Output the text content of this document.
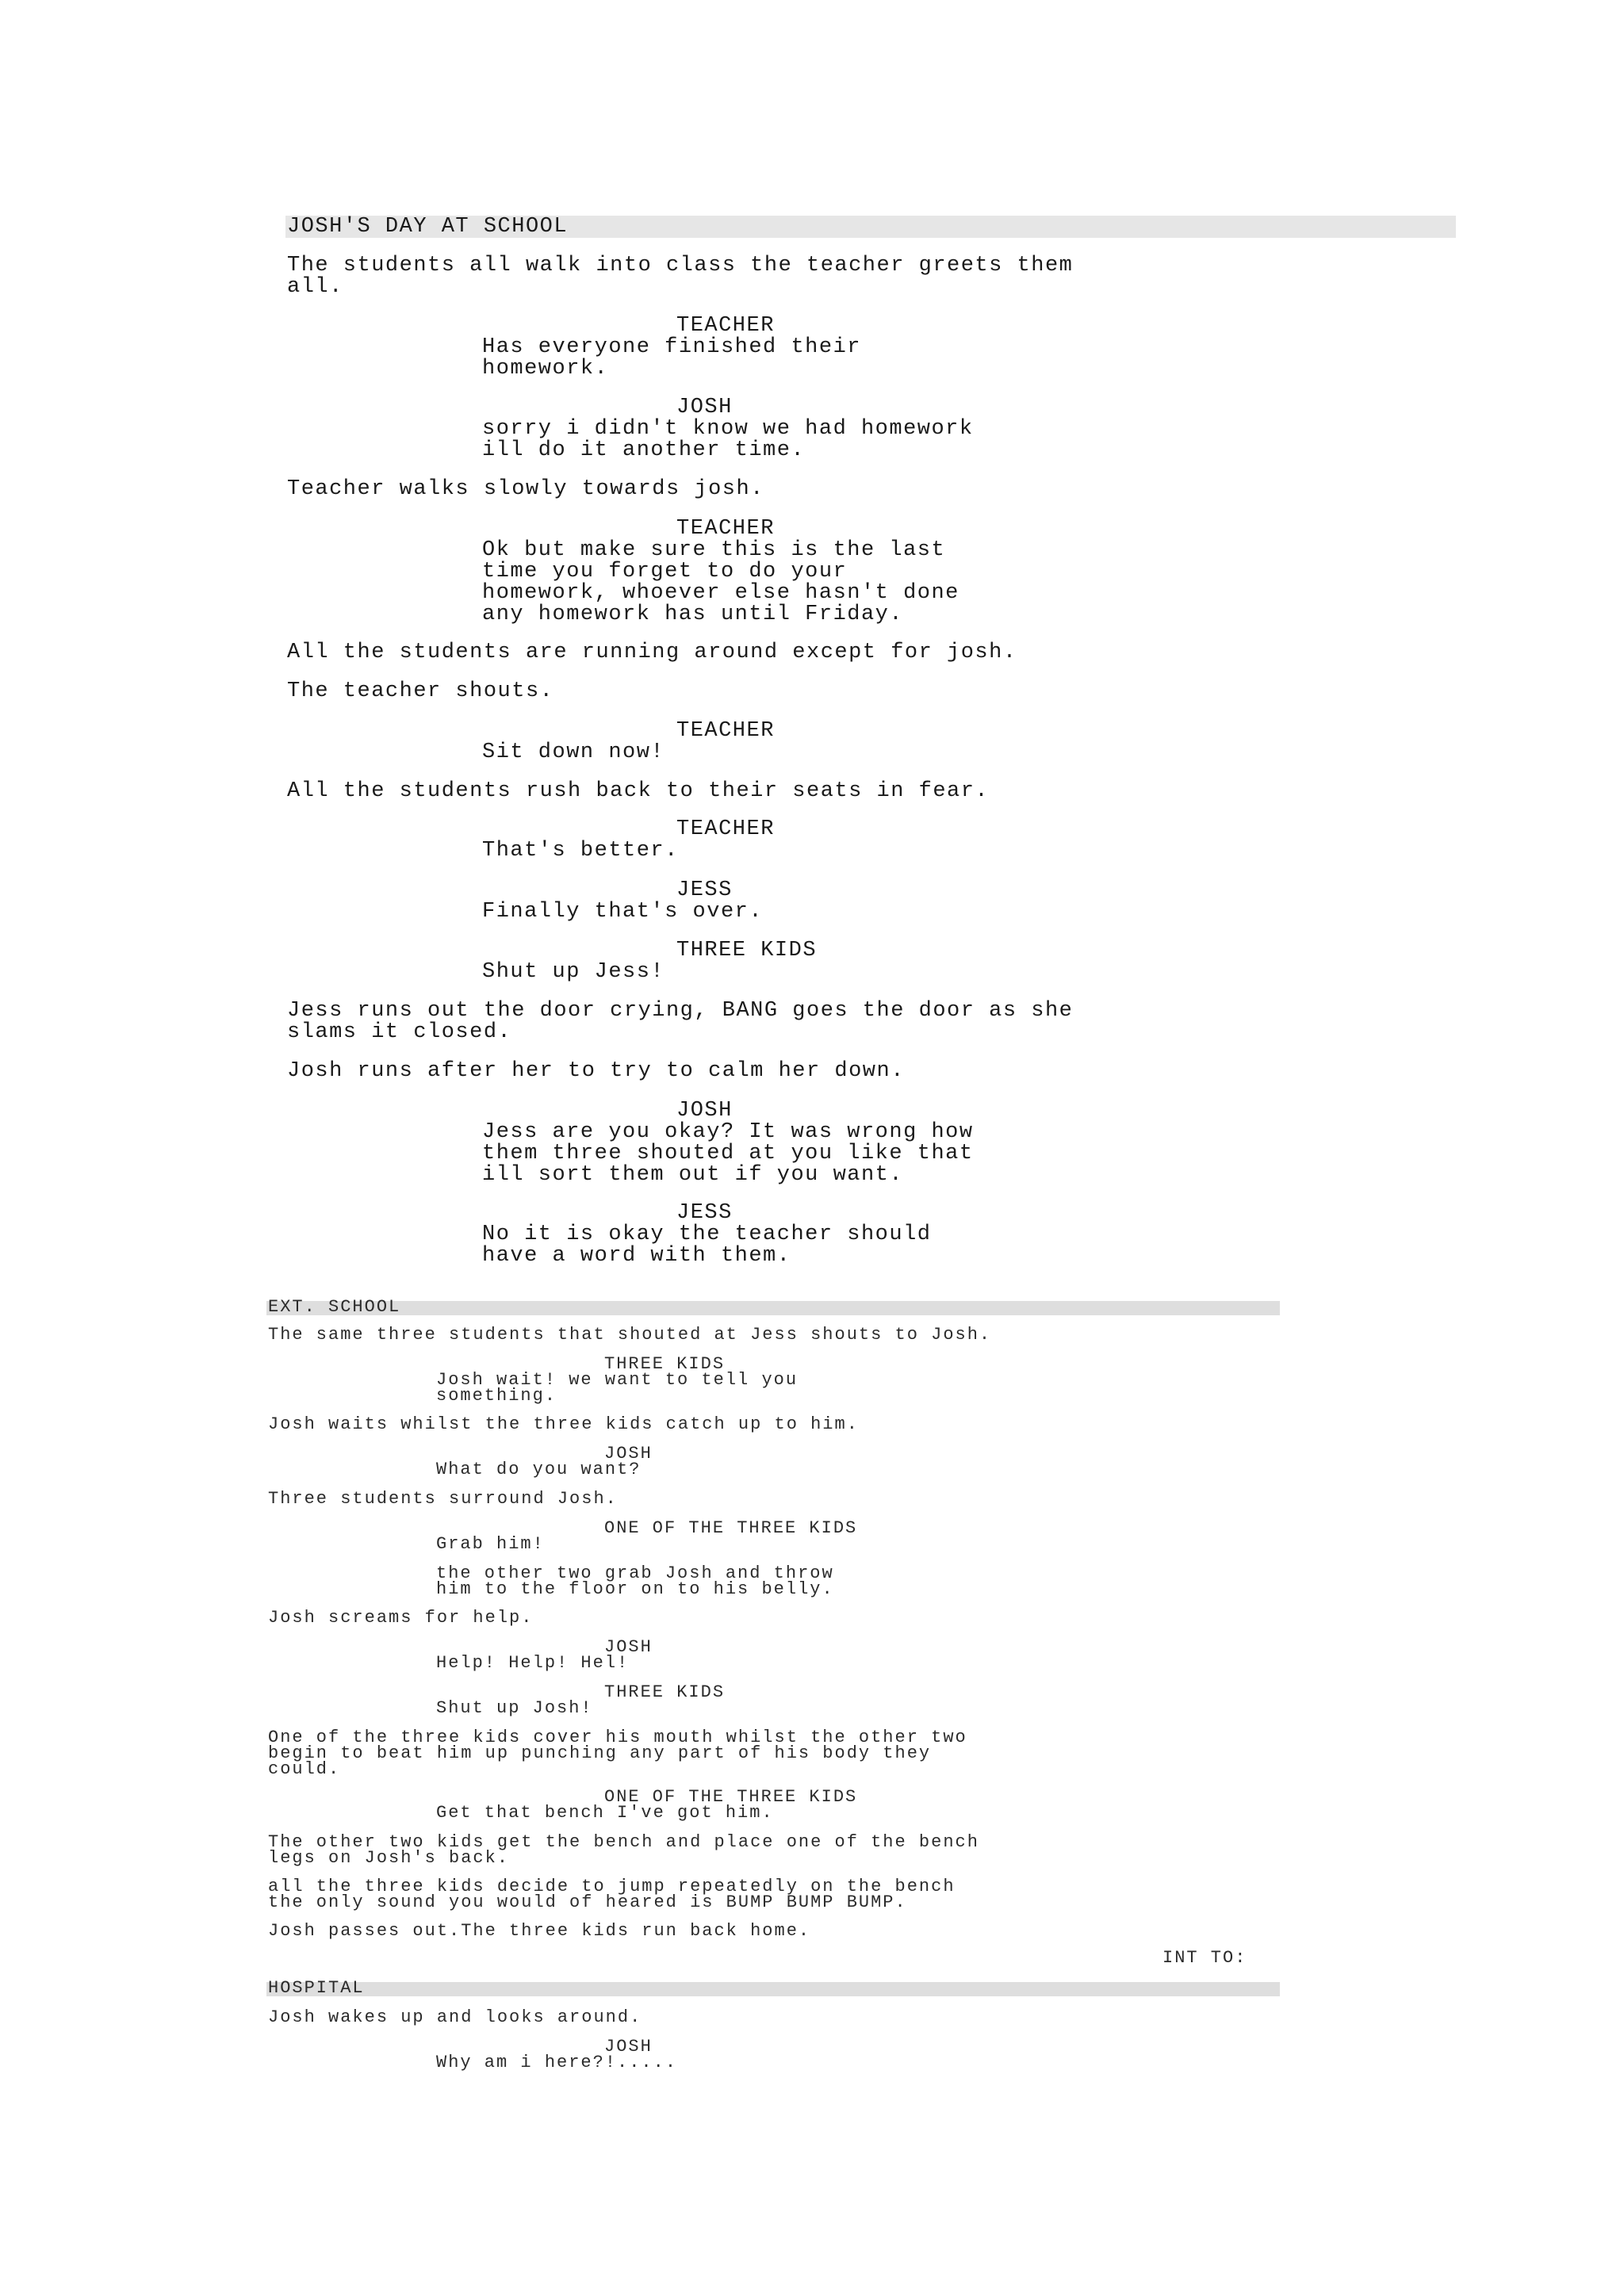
JOSH'S DAY AT SCHOOL
The students all walk into class the teacher greets them
all.
TEACHER
Has everyone finished their
homework.
JOSH
sorry i didn't know we had homework
ill do it another time.
Teacher walks slowly towards josh.
TEACHER
Ok but make sure this is the last
time you forget to do your
homework, whoever else hasn't done
any homework has until Friday.
All the students are running around except for josh.
The teacher shouts.
TEACHER
Sit down now!
All the students rush back to their seats in fear.
TEACHER
That's better.
JESS
Finally that's over.
THREE KIDS
Shut up Jess!
Jess runs out the door crying, BANG goes the door as she
slams it closed.
Josh runs after her to try to calm her down.
JOSH
Jess are you okay? It was wrong how
them three shouted at you like that
ill sort them out if you want.
JESS
No it is okay the teacher should
have a word with them.
EXT. SCHOOL
The same three students that shouted at Jess shouts to Josh.
THREE KIDS
Josh wait! we want to tell you
something.
Josh waits whilst the three kids catch up to him.
JOSH
What do you want?
Three students surround Josh.
ONE OF THE THREE KIDS
Grab him!
the other two grab Josh and throw
him to the floor on to his belly.
Josh screams for help.
JOSH
Help! Help! Hel!
THREE KIDS
Shut up Josh!
One of the three kids cover his mouth whilst the other two
begin to beat him up punching any part of his body they
could.
ONE OF THE THREE KIDS
Get that bench I've got him.
The other two kids get the bench and place one of the bench
legs on Josh's back.
all the three kids decide to jump repeatedly on the bench
the only sound you would of heared is BUMP BUMP BUMP.
Josh passes out.The three kids run back home.
INT TO:
HOSPITAL
Josh wakes up and looks around.
JOSH
Why am i here?!.....
